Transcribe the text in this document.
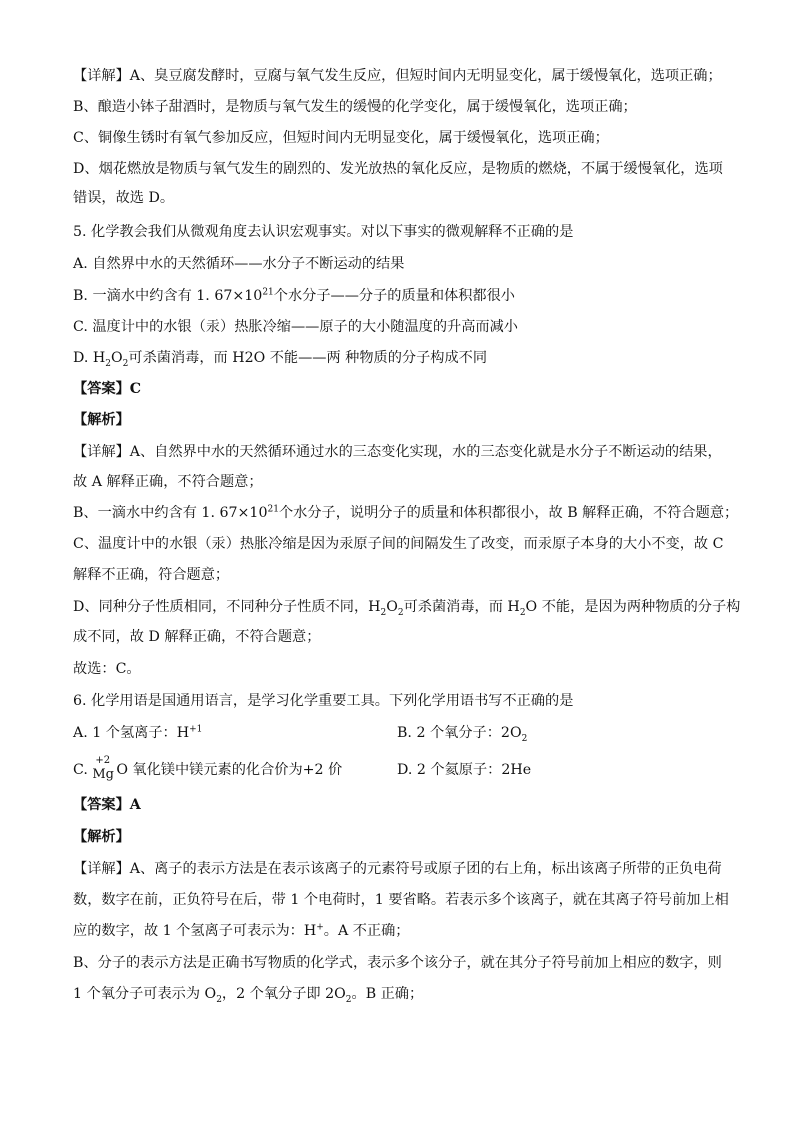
【详解】A、臭豆腐发酵时，豆腐与氧气发生反应，但短时间内无明显变化，属于缓慢氧化，选项正确；
B、酿造小钵子甜酒时，是物质与氧气发生的缓慢的化学变化，属于缓慢氧化，选项正确；
C、铜像生锈时有氧气参加反应，但短时间内无明显变化，属于缓慢氧化，选项正确；
D、烟花燃放是物质与氧气发生的剧烈的、发光放热的氧化反应，是物质的燃烧，不属于缓慢氧化，选项
错误，故选 D。
5. 化学教会我们从微观角度去认识宏观事实。对以下事实的微观解释不正确的是
A. 自然界中水的天然循环——水分子不断运动的结果
B. 一滴水中约含有 1. $67\times 10^{21}$个水分子——分子的质量和体积都很小
C. 温度计中的水银（汞）热胀冷缩——原子的大小随温度的升高而减小
D. $H_2O_2$可杀菌消毒，而 H2O 不能——两 种物质的分子构成不同
【答案】C
【解析】
【详解】A、自然界中水的天然循环通过水的三态变化实现，水的三态变化就是水分子不断运动的结果，
故 A 解释正确，不符合题意；
B、一滴水中约含有 1. $67\times 10^{21}$个水分子，说明分子的质量和体积都很小，故 B 解释正确，不符合题意；
C、温度计中的水银（汞）热胀冷缩是因为汞原子间的间隔发生了改变，而汞原子本身的大小不变，故 C
解释不正确，符合题意；
D、同种分子性质相同，不同种分子性质不同，$H_2O_2$可杀菌消毒，而 $H_2O$ 不能，是因为两种物质的分子构
成不同，故 D 解释正确，不符合题意；
故选：C。
6. 化学用语是国通用语言，是学习化学重要工具。下列化学用语书写不正确的是
A. 1 个氢离子：$H^{+1}$	B. 2 个氧分子：$2O_2$
C.
+2
Mg O 氧化镁中镁元素的化合价为+2 价	D. 2 个氦原子：2He
【答案】A
【解析】
【详解】A、离子的表示方法是在表示该离子的元素符号或原子团的右上角，标出该离子所带的正负电荷
数，数字在前，正负符号在后，带 1 个电荷时，1 要省略。若表示多个该离子，就在其离子符号前加上相
应的数字，故 1 个氢离子可表示为：H+。A 不正确；
B、分子的表示方法是正确书写物质的化学式，表示多个该分子，就在其分子符号前加上相应的数字，则
1 个氧分子可表示为 $O_2$，2 个氧分子即 $2O_2$。B 正确；
